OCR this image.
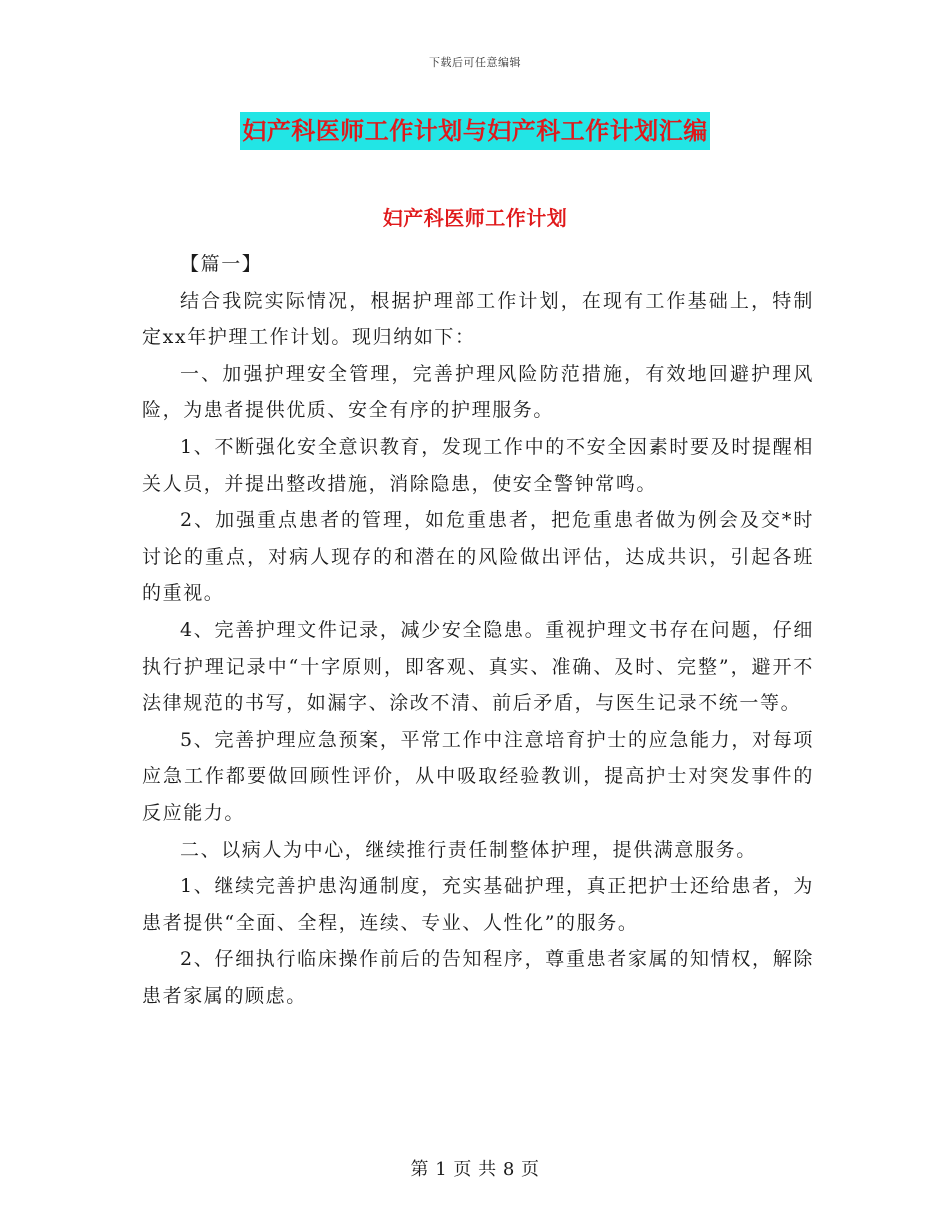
下载后可任意编辑
妇产科医师工作计划与妇产科工作计划汇编
妇产科医师工作计划

【篇一】

结合我院实际情况，根据护理部工作计划，在现有工作基础上，特制定xx年护理工作计划。现归纳如下：

一、加强护理安全管理，完善护理风险防范措施，有效地回避护理风险，为患者提供优质、安全有序的护理服务。

1、不断强化安全意识教育，发现工作中的不安全因素时要及时提醒相关人员，并提出整改措施，消除隐患，使安全警钟常鸣。

2、加强重点患者的管理，如危重患者，把危重患者做为例会及交*时讨论的重点，对病人现存的和潜在的风险做出评估，达成共识，引起各班的重视。

4、完善护理文件记录，减少安全隐患。重视护理文书存在问题，仔细执行护理记录中“十字原则，即客观、真实、准确、及时、完整”，避开不法律规范的书写，如漏字、涂改不清、前后矛盾，与医生记录不统一等。

5、完善护理应急预案，平常工作中注意培育护士的应急能力，对每项应急工作都要做回顾性评价，从中吸取经验教训，提高护士对突发事件的反应能力。

二、以病人为中心，继续推行责任制整体护理，提供满意服务。

1、继续完善护患沟通制度，充实基础护理，真正把护士还给患者，为患者提供“全面、全程，连续、专业、人性化”的服务。

2、仔细执行临床操作前后的告知程序，尊重患者家属的知情权，解除患者家属的顾虑。

第 1 页 共 8 页
